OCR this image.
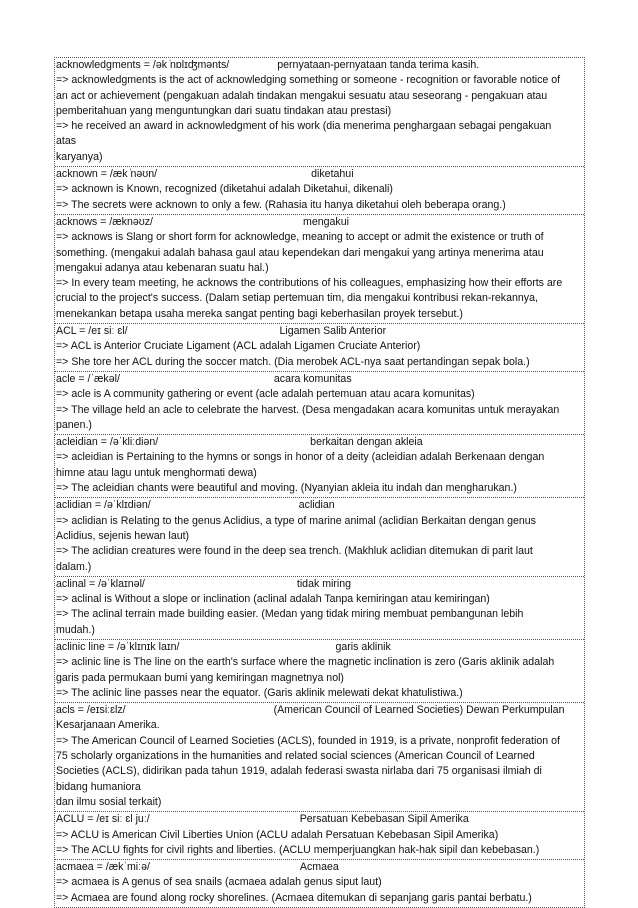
acknowledgments = /ək ̍nɒlɪʤmənts/	pernyataan-pernyataan tanda terima kasih.
=> acknowledgments is the act of acknowledging something or someone - recognition or favorable notice of
an act or achievement (pengakuan adalah tindakan mengakui sesuatu atau seseorang - pengakuan atau
pemberitahuan yang menguntungkan dari suatu tindakan atau prestasi)
=> he received an award in acknowledgment of his work (dia menerima penghargaan sebagai pengakuan
atas
karyanya)
acknown = /æk ̍nəʊn/	diketahui
=> acknown is Known, recognized (diketahui adalah Diketahui, dikenali)
=> The secrets were acknown to only a few. (Rahasia itu hanya diketahui oleh beberapa orang.)
acknows = /æknəʊz/	mengakui
=> acknows is Slang or short form for acknowledge, meaning to accept or admit the existence or truth of
something. (mengakui adalah bahasa gaul atau kependekan dari mengakui yang artinya menerima atau
mengakui adanya atau kebenaran suatu hal.)
=> In every team meeting, he acknows the contributions of his colleagues, emphasizing how their efforts are
crucial to the project's success. (Dalam setiap pertemuan tim, dia mengakui kontribusi rekan-rekannya,
menekankan betapa usaha mereka sangat penting bagi keberhasilan proyek tersebut.)
ACL = /eɪ siː ɛl/	Ligamen Salib Anterior
=> ACL is Anterior Cruciate Ligament (ACL adalah Ligamen Cruciate Anterior)
=> She tore her ACL during the soccer match. (Dia merobek ACL-nya saat pertandingan sepak bola.)
acle = /ˈækəl/	acara komunitas
=> acle is A community gathering or event (acle adalah pertemuan atau acara komunitas)
=> The village held an acle to celebrate the harvest. (Desa mengadakan acara komunitas untuk merayakan
panen.)
acleidian = /əˈkliːdiən/	berkaitan dengan akleia
=> acleidian is Pertaining to the hymns or songs in honor of a deity (acleidian adalah Berkenaan dengan
himne atau lagu untuk menghormati dewa)
=> The acleidian chants were beautiful and moving. (Nyanyian akleia itu indah dan mengharukan.)
aclidian = /əˈklɪdiən/	aclidian
=> aclidian is Relating to the genus Aclidius, a type of marine animal (aclidian Berkaitan dengan genus
Aclidius, sejenis hewan laut)
=> The aclidian creatures were found in the deep sea trench. (Makhluk aclidian ditemukan di parit laut
dalam.)
aclinal = /əˈklaɪnəl/	tidak miring
=> aclinal is Without a slope or inclination (aclinal adalah Tanpa kemiringan atau kemiringan)
=> The aclinal terrain made building easier. (Medan yang tidak miring membuat pembangunan lebih
mudah.)
aclinic line = /əˈklɪnɪk laɪn/	garis aklinik
=> aclinic line is The line on the earth's surface where the magnetic inclination is zero (Garis aklinik adalah
garis pada permukaan bumi yang kemiringan magnetnya nol)
=> The aclinic line passes near the equator. (Garis aklinik melewati dekat khatulistiwa.)
acls = /eɪsiːɛlz/	(American Council of Learned Societies) Dewan Perkumpulan
Kesarjanaan Amerika.
=> The American Council of Learned Societies (ACLS), founded in 1919, is a private, nonprofit federation of
75 scholarly organizations in the humanities and related social sciences (American Council of Learned
Societies (ACLS), didirikan pada tahun 1919, adalah federasi swasta nirlaba dari 75 organisasi ilmiah di
bidang humaniora
dan ilmu sosial terkait)
ACLU = /eɪ siː ɛl juː/	Persatuan Kebebasan Sipil Amerika
=> ACLU is American Civil Liberties Union (ACLU adalah Persatuan Kebebasan Sipil Amerika)
=> The ACLU fights for civil rights and liberties. (ACLU memperjuangkan hak-hak sipil dan kebebasan.)
acmaea = /ækˈmiːə/	Acmaea
=> acmaea is A genus of sea snails (acmaea adalah genus siput laut)
=> Acmaea are found along rocky shorelines. (Acmaea ditemukan di sepanjang garis pantai berbatu.)
